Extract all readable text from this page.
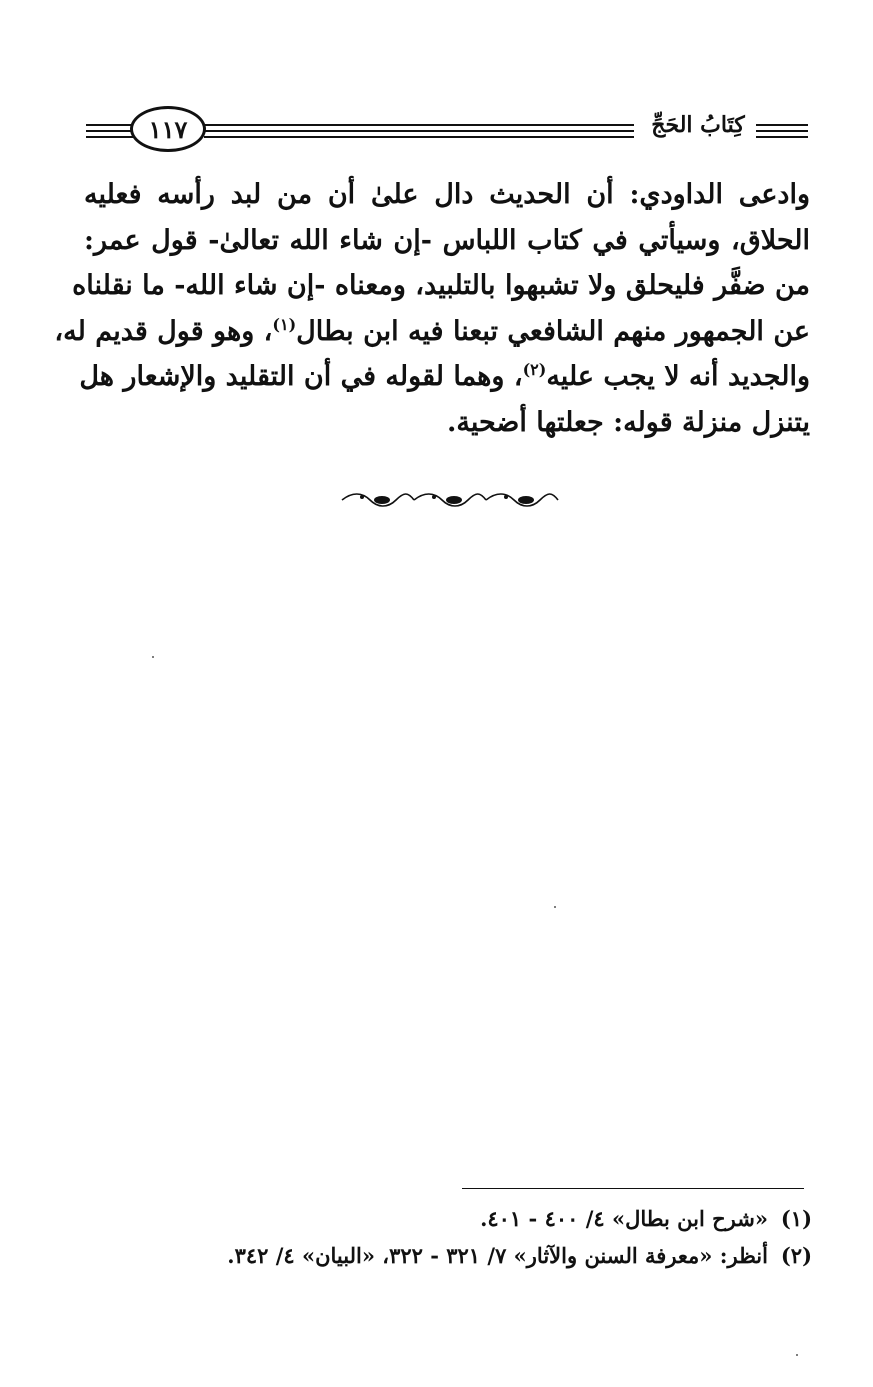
١١٧	كِتَابُ الحَجِّ
وادعى الداودي: أن الحديث دال علىٰ أن من لبد رأسه فعليه
الحلاق، وسيأتي في كتاب اللباس -إن شاء الله تعالىٰ- قول عمر:
من ضفَّر فليحلق ولا تشبهوا بالتلبيد، ومعناه -إن شاء الله- ما نقلناه
عن الجمهور منهم الشافعي تبعنا فيه ابن بطال$^{(١)}$، وهو قول قديم له،
والجديد أنه لا يجب عليه$^{(٢)}$، وهما لقوله في أن التقليد والإشعار هل
يتنزل منزلة قوله: جعلتها أضحية.
(١)«شرح ابن بطال» ٤/ ٤٠٠ - ٤٠١.
(٢)أنظر: «معرفة السنن والآثار» ٧/ ٣٢١ - ٣٢٢، «البيان» ٤/ ٣٤٢.
